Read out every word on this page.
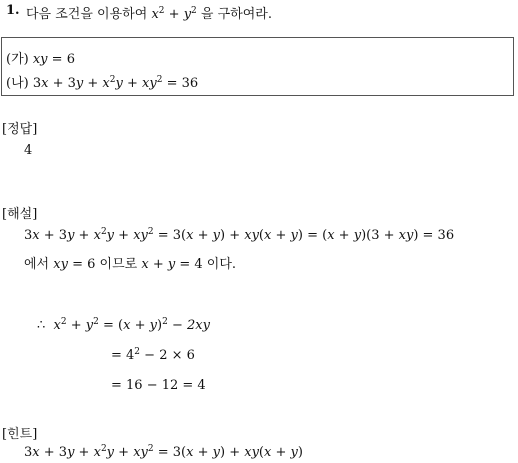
1. 다음 조건을 이용하여 $x^2 + y^2$ 을 구하여라.
(가) xy = 6
(나) $3x + 3y + x^2y + xy^2 = 36$
[정답]
4
[해설]
$3x + 3y + x^2y + xy^2 = 3(x + y) + xy(x + y) = (x + y)(3 + xy) = 36$
에서 xy = 6 이므로 x + y = 4 이다.
∴ $x^2 + y^2 = (x + y)^2 - 2xy$
= $4^2 - 2 \times 6$
= 16 − 12 = 4
[힌트]
$3x + 3y + x^2y + xy^2 = 3(x + y) + xy(x + y)$
